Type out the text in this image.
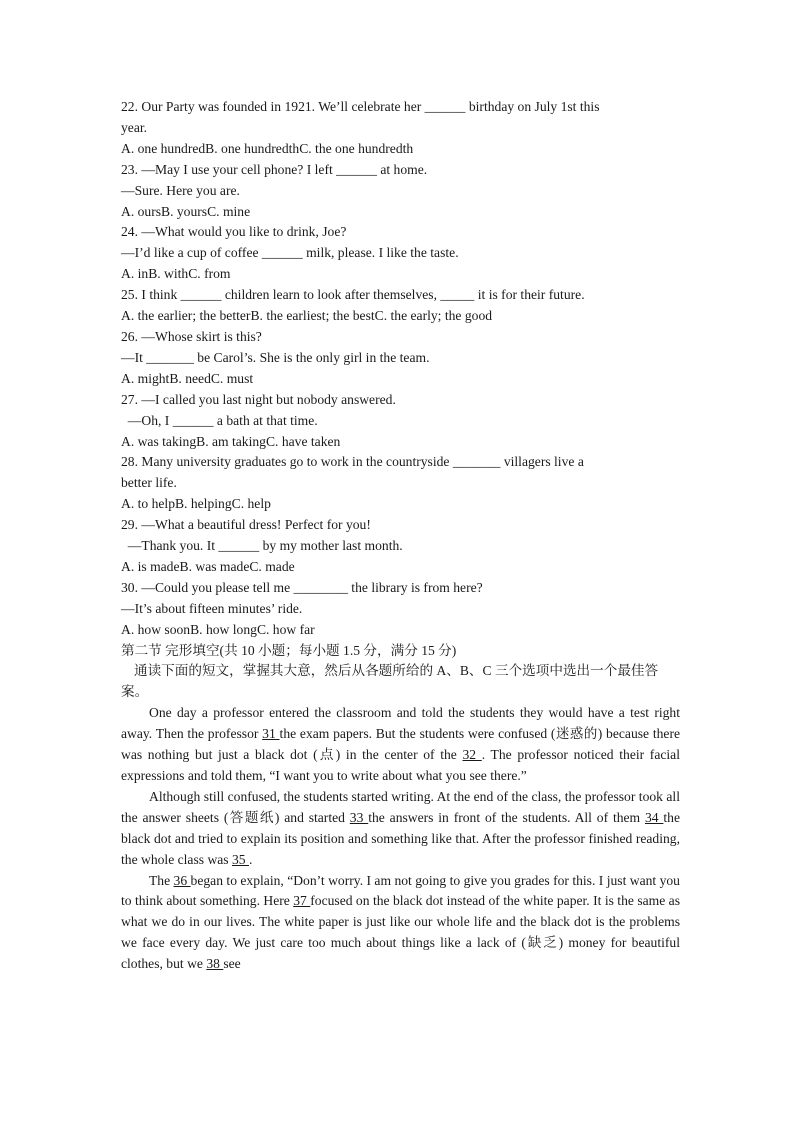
22. Our Party was founded in 1921. We’ll celebrate her ______ birthday on July 1st this
year.
A. one hundredB. one hundredthC. the one hundredth
23. —May I use your cell phone? I left ______ at home.
—Sure. Here you are.
A. oursB. yoursC. mine
24. —What would you like to drink, Joe?
—I’d like a cup of coffee ______ milk, please. I like the taste.
A. inB. withC. from
25. I think ______ children learn to look after themselves, _____ it is for their future.
A. the earlier; the betterB. the earliest; the bestC. the early; the good
26. —Whose skirt is this?
—It _______ be Carol’s. She is the only girl in the team.
A. mightB. needC. must
27. —I called you last night but nobody answered.
—Oh, I ______ a bath at that time.
A. was takingB. am takingC. have taken
28. Many university graduates go to work in the countryside _______ villagers live a
better life.
A. to helpB. helpingC. help
29. —What a beautiful dress! Perfect for you!
—Thank you. It ______ by my mother last month.
A. is madeB. was madeC. made
30. —Could you please tell me ________ the library is from here?
—It’s about fifteen minutes’ ride.
A. how soonB. how longC. how far
第二节 完形填空(共 10 小题；每小题 1.5 分，满分 15 分)

通读下面的短文，掌握其大意，然后从各题所给的 A、B、C 三个选项中选出一个最佳答案。

One day a professor entered the classroom and told the students they would have a test right away. Then the professor 31 the exam papers. But the students were confused (迷惑的) because there was nothing but just a black dot (点) in the center of the 32 . The professor noticed their facial expressions and told them, “I want you to write about what you see there.”

Although still confused, the students started writing. At the end of the class, the professor took all the answer sheets (答题纸) and started 33 the answers in front of the students. All of them 34 the black dot and tried to explain its position and something like that. After the professor finished reading, the whole class was 35 .

The 36 began to explain, “Don’t worry. I am not going to give you grades for this. I just want you to think about something. Here 37 focused on the black dot instead of the white paper. It is the same as what we do in our lives. The white paper is just like our whole life and the black dot is the problems we face every day. We just care too much about things like a lack of (缺乏) money for beautiful clothes, but we 38 see
